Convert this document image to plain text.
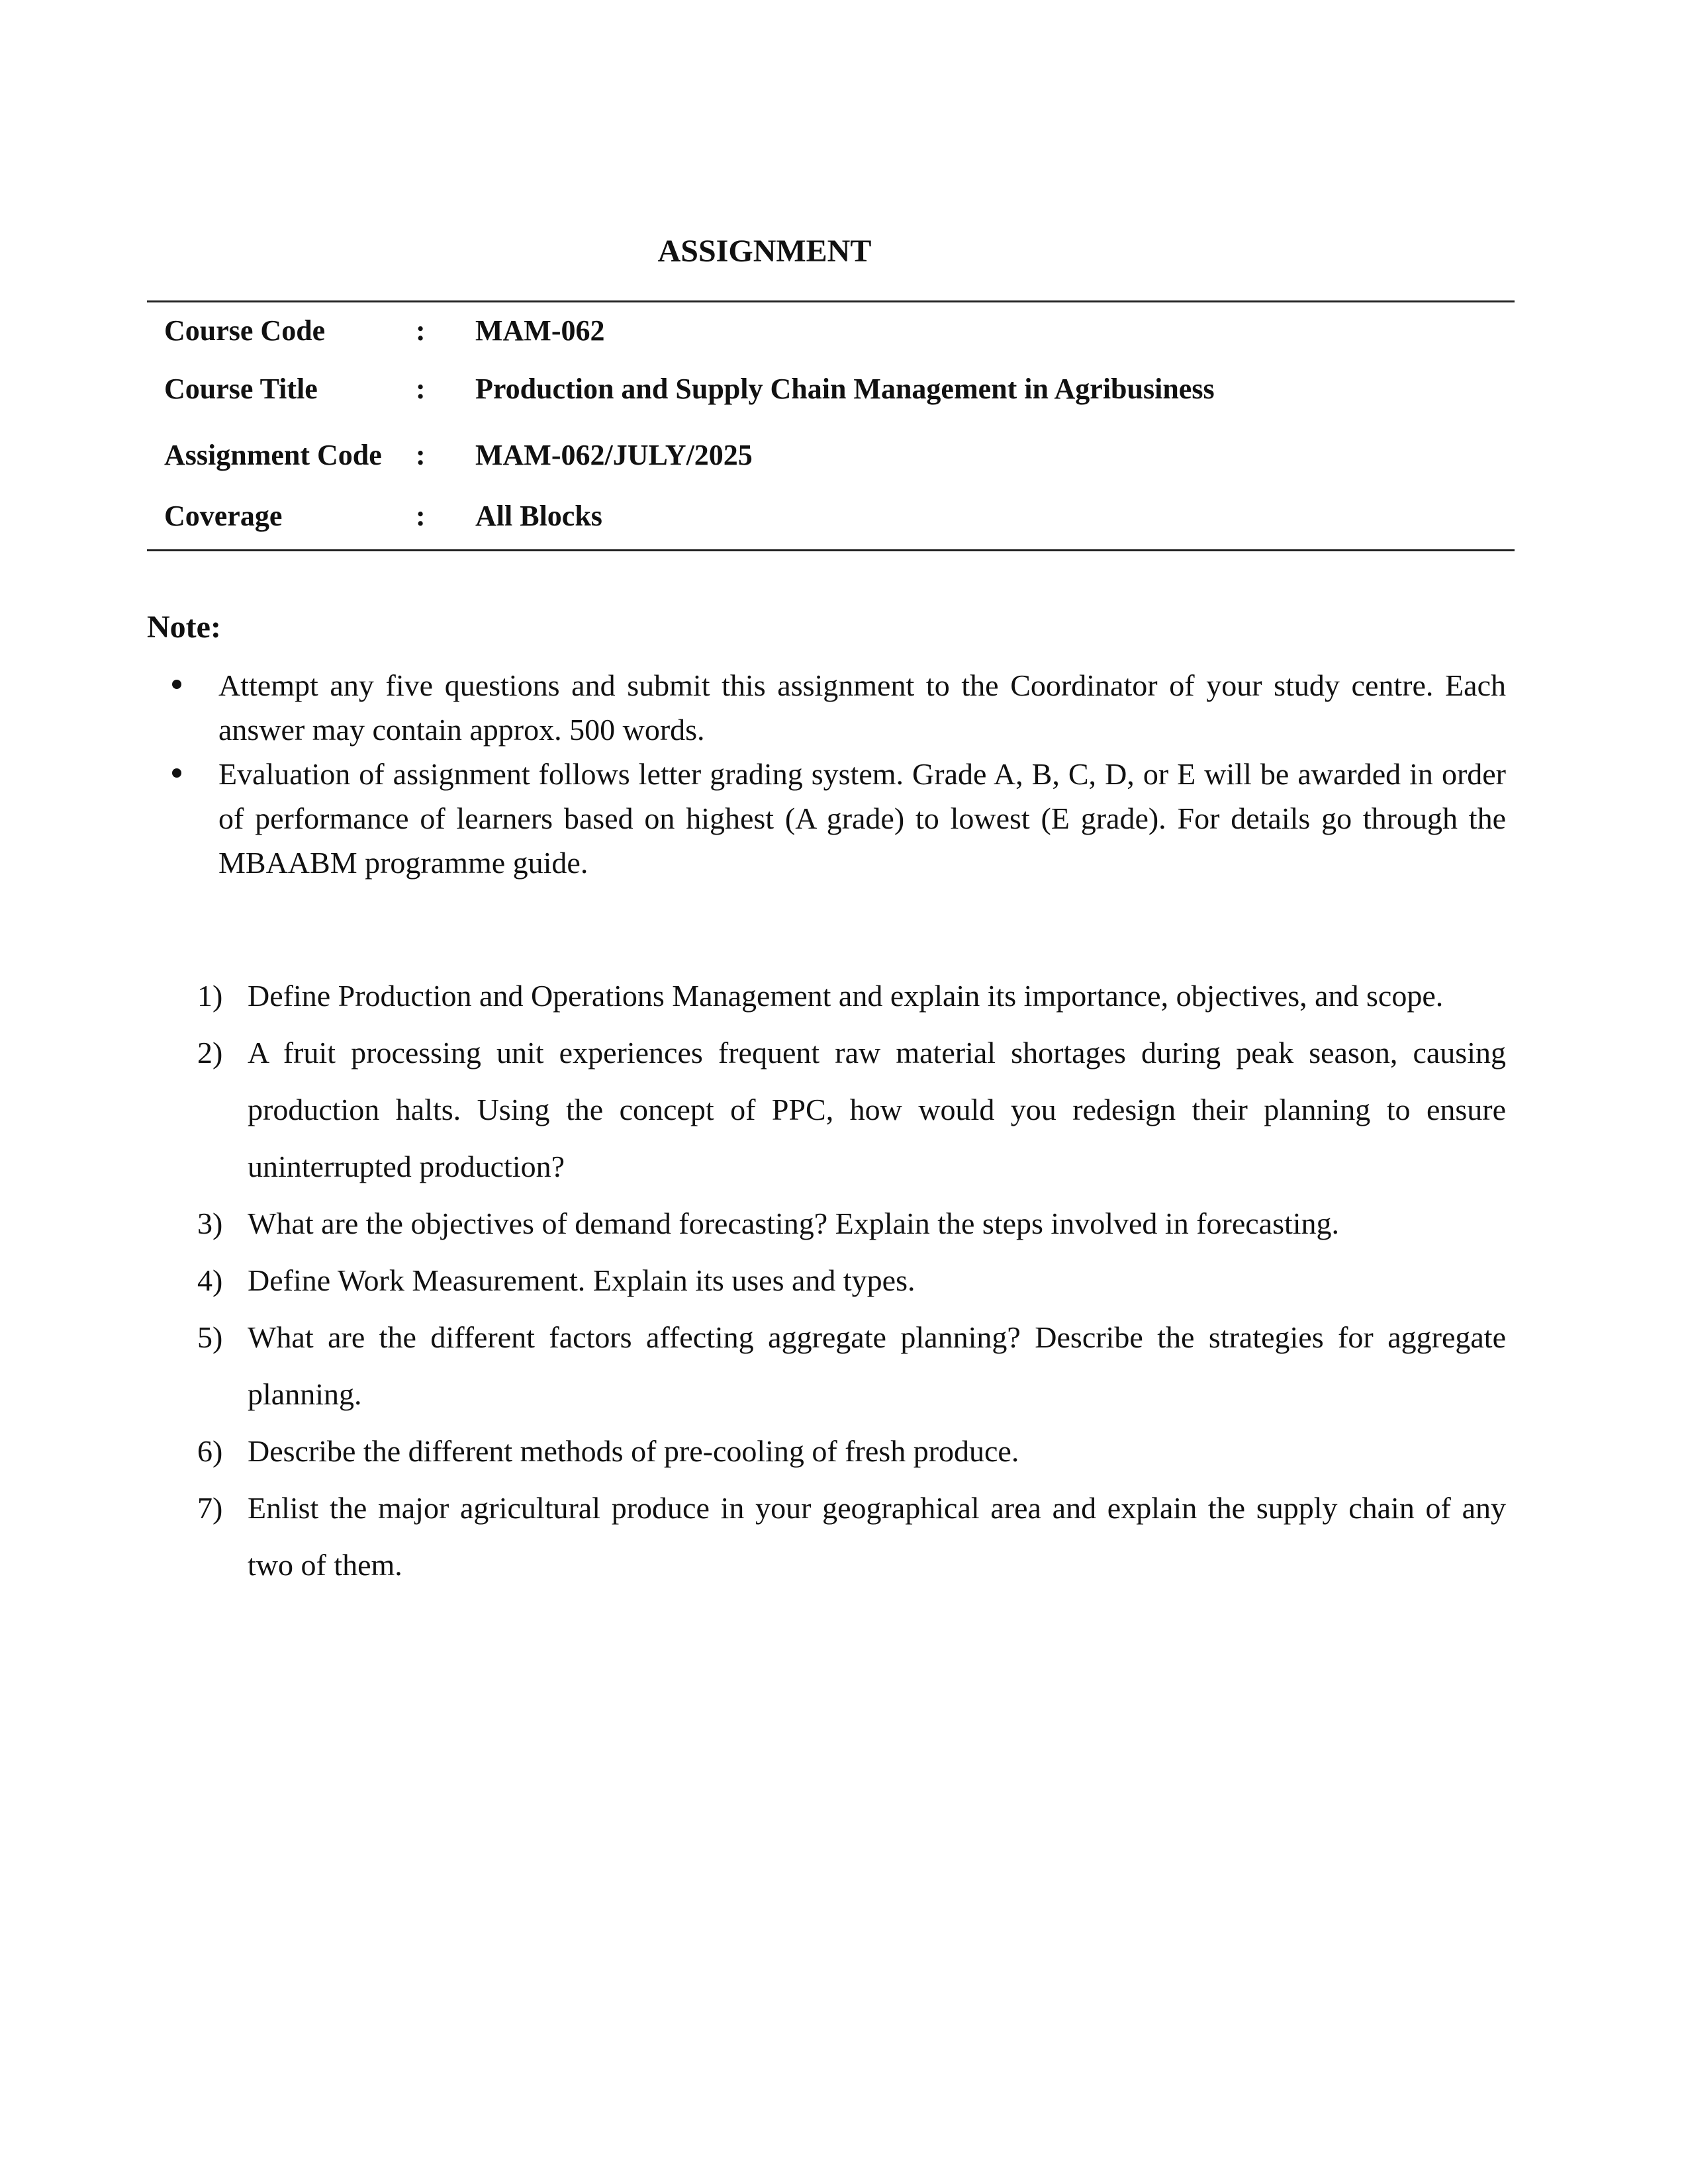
ASSIGNMENT
Course Code	: MAM-062
Course Title	: Production and Supply Chain Management in Agribusiness
Assignment Code : MAM-062/JULY/2025
Coverage	: All Blocks
Note:
Attempt any five questions and submit this assignment to the Coordinator of your study centre. Each answer may contain approx. 500 words.
Evaluation of assignment follows letter grading system. Grade A, B, C, D, or E will be awarded in order of performance of learners based on highest (A grade) to lowest (E grade). For details go through the MBAABM programme guide.
1) Define Production and Operations Management and explain its importance, objectives, and scope.
2) A fruit processing unit experiences frequent raw material shortages during peak season, causing production halts. Using the concept of PPC, how would you redesign their planning to ensure uninterrupted production?
3) What are the objectives of demand forecasting? Explain the steps involved in forecasting.
4) Define Work Measurement. Explain its uses and types.
5) What are the different factors affecting aggregate planning? Describe the strategies for aggregate planning.
6) Describe the different methods of pre-cooling of fresh produce.
7) Enlist the major agricultural produce in your geographical area and explain the supply chain of any two of them.
